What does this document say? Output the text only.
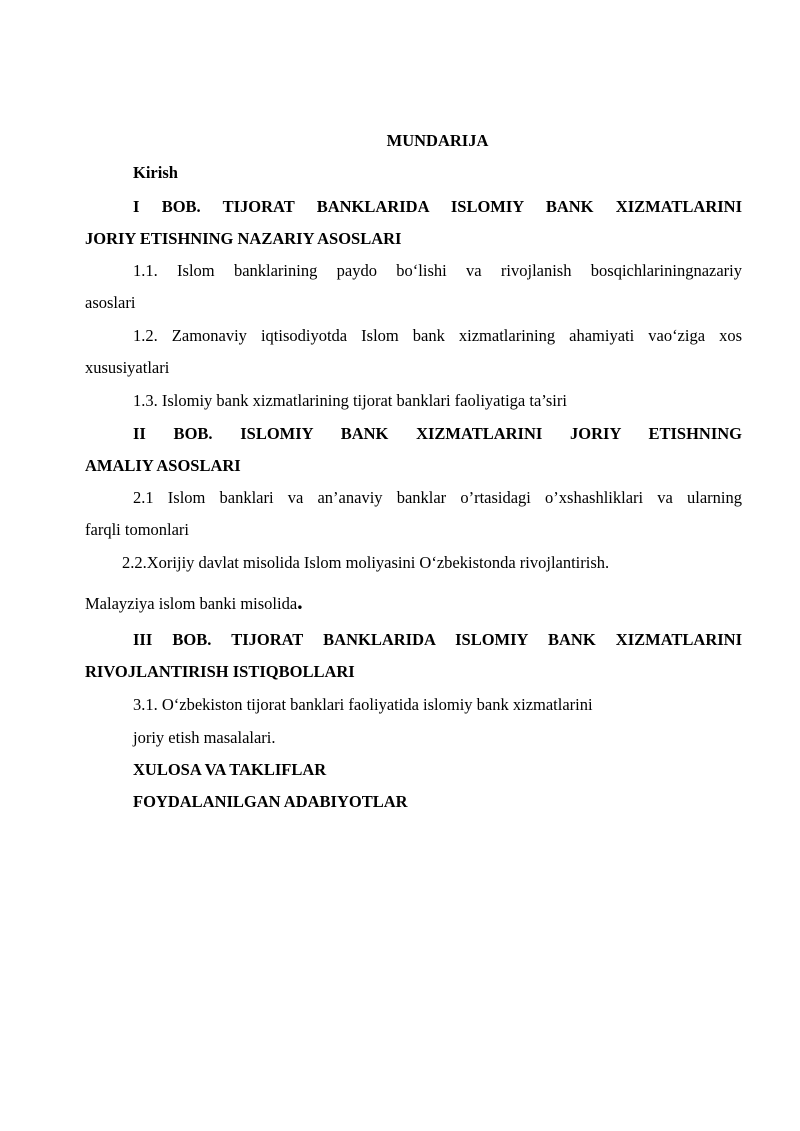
MUNDARIJA
Kirish
I BOB. TIJORAT BANKLARIDA ISLOMIY BANK XIZMATLARINI
JORIY ETISHNING NAZARIY ASOSLARI
1.1. Islom banklarining paydo bo‘lishi va rivojlanish bosqichlariningnazariy
asoslari
1.2. Zamonaviy iqtisodiyotda Islom bank xizmatlarining ahamiyati vao‘ziga xos
xususiyatlari
1.3. Islomiy bank xizmatlarining tijorat banklari faoliyatiga ta’siri
II BOB. ISLOMIY BANK XIZMATLARINI JORIY ETISHNING
AMALIY ASOSLARI
2.1 Islom banklari va an’anaviy banklar o’rtasidagi o’xshashliklari va ularning
farqli tomonlari
2.2.Xorijiy davlat misolida Islom moliyasini O‘zbekistonda rivojlantirish.
Malayziya islom banki misolida.
III BOB. TIJORAT BANKLARIDA ISLOMIY BANK XIZMATLARINI
RIVOJLANTIRISH ISTIQBOLLARI
3.1. O‘zbekiston tijorat banklari faoliyatida islomiy bank xizmatlarini
joriy etish masalalari.
XULOSA VA TAKLIFLAR
FOYDALANILGAN ADABIYOTLAR
